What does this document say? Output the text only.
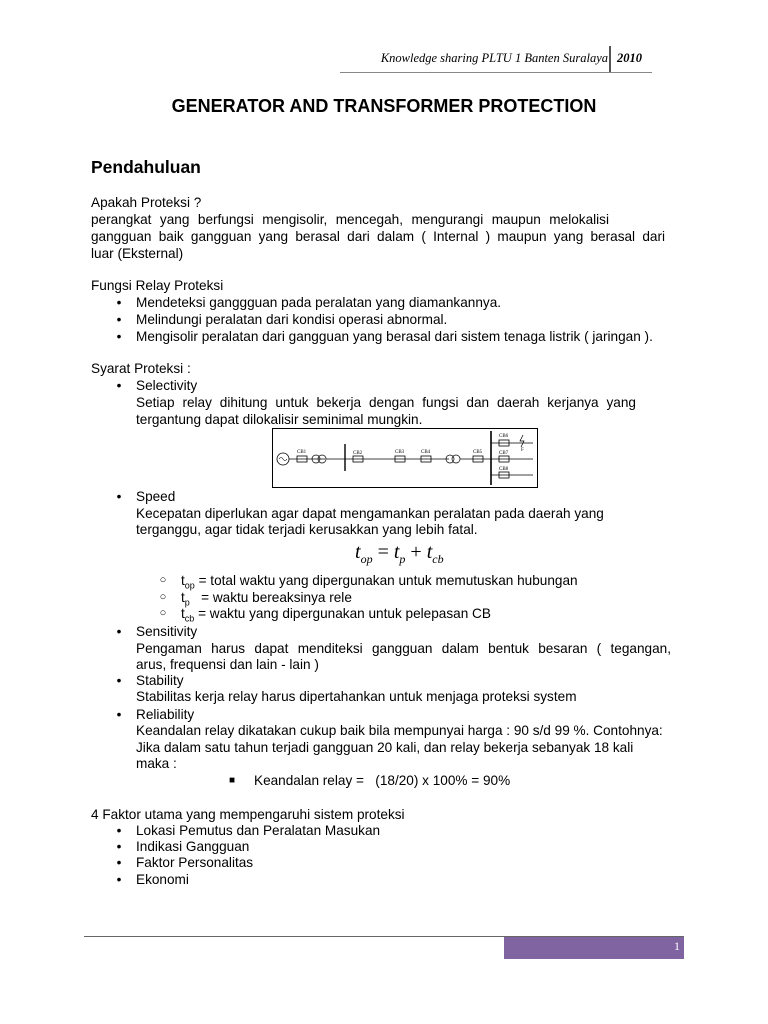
Knowledge sharing PLTU 1 Banten Suralaya 2010
GENERATOR AND TRANSFORMER PROTECTION
Pendahuluan
Apakah Proteksi ?
perangkat yang berfungsi mengisolir, mencegah, mengurangi maupun melokalisi
gangguan baik gangguan yang berasal dari dalam ( Internal ) maupun yang berasal dari
luar (Eksternal)
Fungsi Relay Proteksi
• Mendeteksi ganggguan pada peralatan yang diamankannya.
• Melindungi peralatan dari kondisi operasi abnormal.
• Mengisolir peralatan dari gangguan yang berasal dari sistem tenaga listrik ( jaringan ).
Syarat Proteksi :
• Selectivity
Setiap relay dihitung untuk bekerja dengan fungsi dan daerah kerjanya yang
tergantung dapat dilokalisir seminimal mungkin.
CB1	CB2	CB3	CB4	CB5
CB6
F
CB7
CB8
• Speed
Kecepatan diperlukan agar dapat mengamankan peralatan pada daerah yang
terganggu, agar tidak terjadi kerusakkan yang lebih fatal.
$t_{op} = t_p + t_{cb}$
○ $t_{op}$ = total waktu yang dipergunakan untuk memutuskan hubungan
○ $t_p$   = waktu bereaksinya rele
○ $t_{cb}$ = waktu yang dipergunakan untuk pelepasan CB
• Sensitivity
Pengaman harus dapat menditeksi gangguan dalam bentuk besaran ( tegangan,
arus, frequensi dan lain - lain )
• Stability
Stabilitas kerja relay harus dipertahankan untuk menjaga proteksi system
• Reliability
Keandalan relay dikatakan cukup baik bila mempunyai harga : 90 s/d 99 %. Contohnya:
Jika dalam satu tahun terjadi gangguan 20 kali, dan relay bekerja sebanyak 18 kali
maka :
■ Keandalan relay =   (18/20) x 100% = 90%
4 Faktor utama yang mempengaruhi sistem proteksi
• Lokasi Pemutus dan Peralatan Masukan
• Indikasi Gangguan
• Faktor Personalitas
• Ekonomi
1
